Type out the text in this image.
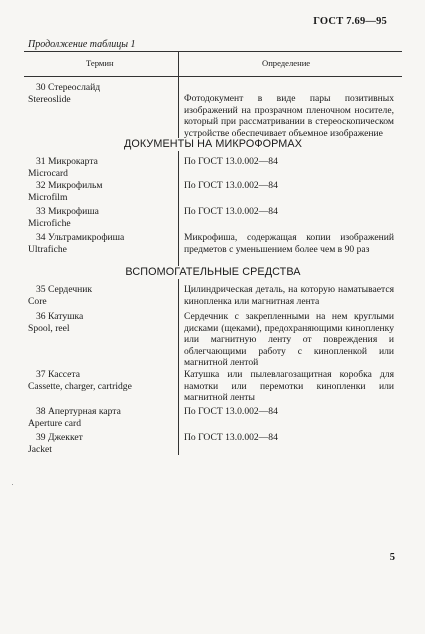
ГОСТ 7.69—95
Продолжение таблицы 1
Термин	Определение
30 Стереослайд
Stereoslide	Фотодокумент в виде пары позитивных изображений на прозрачном пленочном носителе, который при рассматривании в стереоскопическом устройстве обеспечивает объемное изображение
ДОКУМЕНТЫ НА МИКРОФОРМАХ
31 Микрокарта
Microcard
По ГОСТ 13.0.002—84
32 Микрофильм
Microfilm
По ГОСТ 13.0.002—84
33 Микрофиша
Microfiche
По ГОСТ 13.0.002—84
34 Ультрамикрофиша
Ultrafiche
Микрофиша, содержащая копии изображений предметов с уменьшением более чем в 90 раз
ВСПОМОГАТЕЛЬНЫЕ СРЕДСТВА
35 Сердечник
Core
Цилиндрическая деталь, на которую наматывается кинопленка или магнитная лента
36 Катушка
Spool, reel
Сердечник с закрепленными на нем круглыми дисками (щеками), предохраняющими кинопленку или магнитную ленту от повреждения и облегчающими работу с кинопленкой или магнитной лентой
37 Кассета
Cassette, charger, cartridge
Катушка или пылевлагозащитная коробка для намотки или перемотки кинопленки или магнитной ленты
38 Апертурная карта
Aperture card
По ГОСТ 13.0.002—84
39 Джеккет
Jacket
По ГОСТ 13.0.002—84
5
